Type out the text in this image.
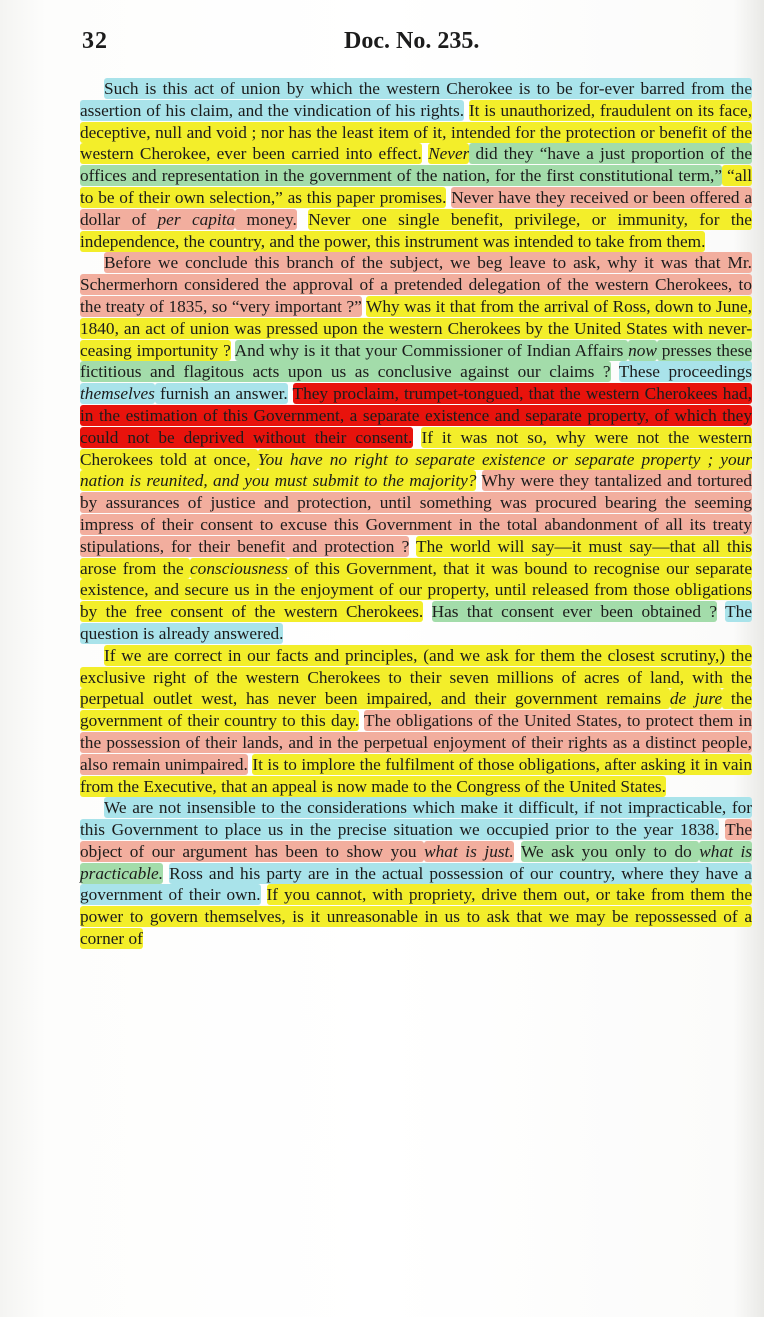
32	Doc. No. 235.

Such is this act of union by which the western Cherokee is to be for-ever barred from the assertion of his claim, and the vindication of his rights. It is unauthorized, fraudulent on its face, deceptive, null and void ; nor has the least item of it, intended for the protection or benefit of the western Cherokee, ever been carried into effect. Never did they “have a just proportion of the offices and representation in the government of the nation, for the first constitutional term,” “all to be of their own selection,” as this paper promises. Never have they received or been offered a dollar of per capita money. Never one single benefit, privilege, or immunity, for the independence, the country, and the power, this instrument was intended to take from them.

Before we conclude this branch of the subject, we beg leave to ask, why it was that Mr. Schermerhorn considered the approval of a pretended delegation of the western Cherokees, to the treaty of 1835, so “very important ?” Why was it that from the arrival of Ross, down to June, 1840, an act of union was pressed upon the western Cherokees by the United States with never-ceasing importunity ? And why is it that your Commissioner of Indian Affairs now presses these fictitious and flagitous acts upon us as conclusive against our claims ? These proceedings themselves furnish an answer. They proclaim, trumpet-tongued, that the western Cherokees had, in the estimation of this Government, a separate existence and separate property, of which they could not be deprived without their consent. If it was not so, why were not the western Cherokees told at once, You have no right to separate existence or separate property ; your nation is reunited, and you must submit to the majority? Why were they tantalized and tortured by assurances of justice and protection, until something was procured bearing the seeming impress of their consent to excuse this Government in the total abandonment of all its treaty stipulations, for their benefit and protection ? The world will say—it must say—that all this arose from the consciousness of this Government, that it was bound to recognise our separate existence, and secure us in the enjoyment of our property, until released from those obligations by the free consent of the western Cherokees. Has that consent ever been obtained ? The question is already answered.

If we are correct in our facts and principles, (and we ask for them the closest scrutiny,) the exclusive right of the western Cherokees to their seven millions of acres of land, with the perpetual outlet west, has never been impaired, and their government remains de jure the government of their country to this day. The obligations of the United States, to protect them in the possession of their lands, and in the perpetual enjoyment of their rights as a distinct people, also remain unimpaired. It is to implore the fulfilment of those obligations, after asking it in vain from the Executive, that an appeal is now made to the Congress of the United States.

We are not insensible to the considerations which make it difficult, if not impracticable, for this Government to place us in the precise situation we occupied prior to the year 1838. The object of our argument has been to show you what is just. We ask you only to do what is practicable. Ross and his party are in the actual possession of our country, where they have a government of their own. If you cannot, with propriety, drive them out, or take from them the power to govern themselves, is it unreasonable in us to ask that we may be repossessed of a corner of
